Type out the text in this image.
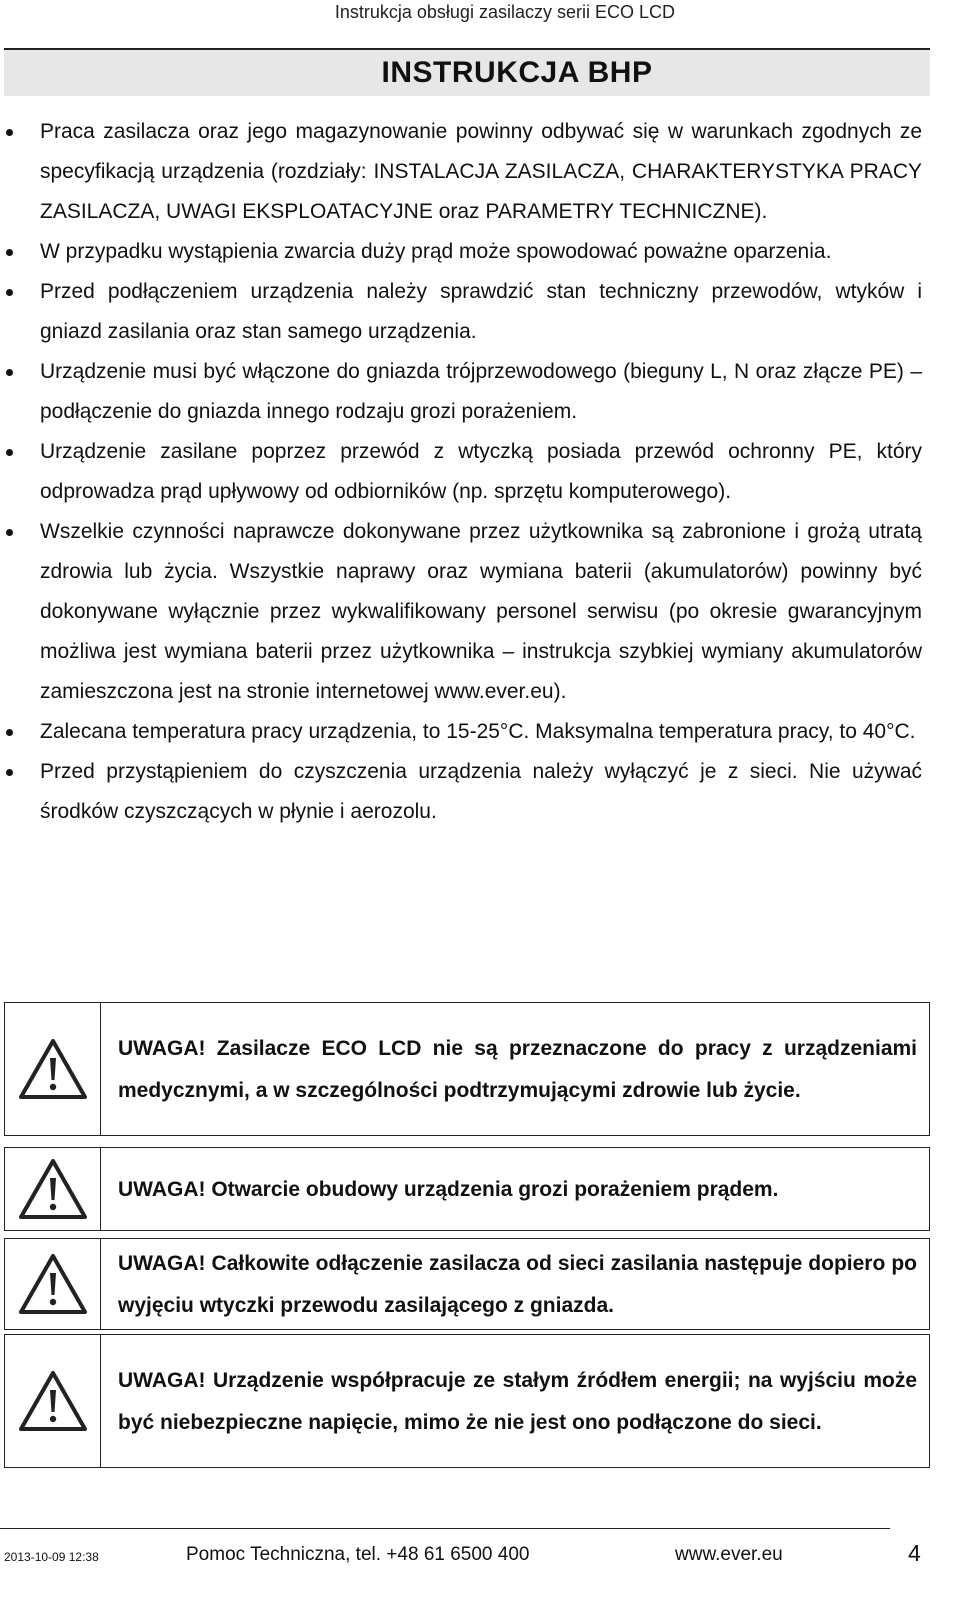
Instrukcja obsługi zasilaczy serii ECO LCD
INSTRUKCJA BHP
Praca zasilacza oraz jego magazynowanie powinny odbywać się w warunkach zgodnych ze specyfikacją urządzenia (rozdziały: INSTALACJA ZASILACZA, CHARAKTERYSTYKA PRACY ZASILACZA, UWAGI EKSPLOATACYJNE oraz PARAMETRY TECHNICZNE).
W przypadku wystąpienia zwarcia duży prąd może spowodować poważne oparzenia.
Przed podłączeniem urządzenia należy sprawdzić stan techniczny przewodów, wtyków i gniazd zasilania oraz stan samego urządzenia.
Urządzenie musi być włączone do gniazda trójprzewodowego (bieguny L, N oraz złącze PE) – podłączenie do gniazda innego rodzaju grozi porażeniem.
Urządzenie zasilane poprzez przewód z wtyczką posiada przewód ochronny PE, który odprowadza prąd upływowy od odbiorników (np. sprzętu komputerowego).
Wszelkie czynności naprawcze dokonywane przez użytkownika są zabronione i grożą utratą zdrowia lub życia. Wszystkie naprawy oraz wymiana baterii (akumulatorów) powinny być dokonywane wyłącznie przez wykwalifikowany personel serwisu (po okresie gwarancyjnym możliwa jest wymiana baterii przez użytkownika – instrukcja szybkiej wymiany akumulatorów zamieszczona jest na stronie internetowej www.ever.eu).
Zalecana temperatura pracy urządzenia, to 15-25°C. Maksymalna temperatura pracy, to 40°C.
Przed przystąpieniem do czyszczenia urządzenia należy wyłączyć je z sieci. Nie używać środków czyszczących w płynie i aerozolu.

UWAGA! Zasilacze ECO LCD nie są przeznaczone do pracy z urządzeniami medycznymi, a w szczególności podtrzymującymi zdrowie lub życie.

UWAGA! Otwarcie obudowy urządzenia grozi porażeniem prądem.

UWAGA! Całkowite odłączenie zasilacza od sieci zasilania następuje dopiero po wyjęciu wtyczki przewodu zasilającego z gniazda.

UWAGA! Urządzenie współpracuje ze stałym źródłem energii; na wyjściu może być niebezpieczne napięcie, mimo że nie jest ono podłączone do sieci.

2013-10-09 12:38	Pomoc Techniczna, tel. +48 61 6500 400	www.ever.eu	4
